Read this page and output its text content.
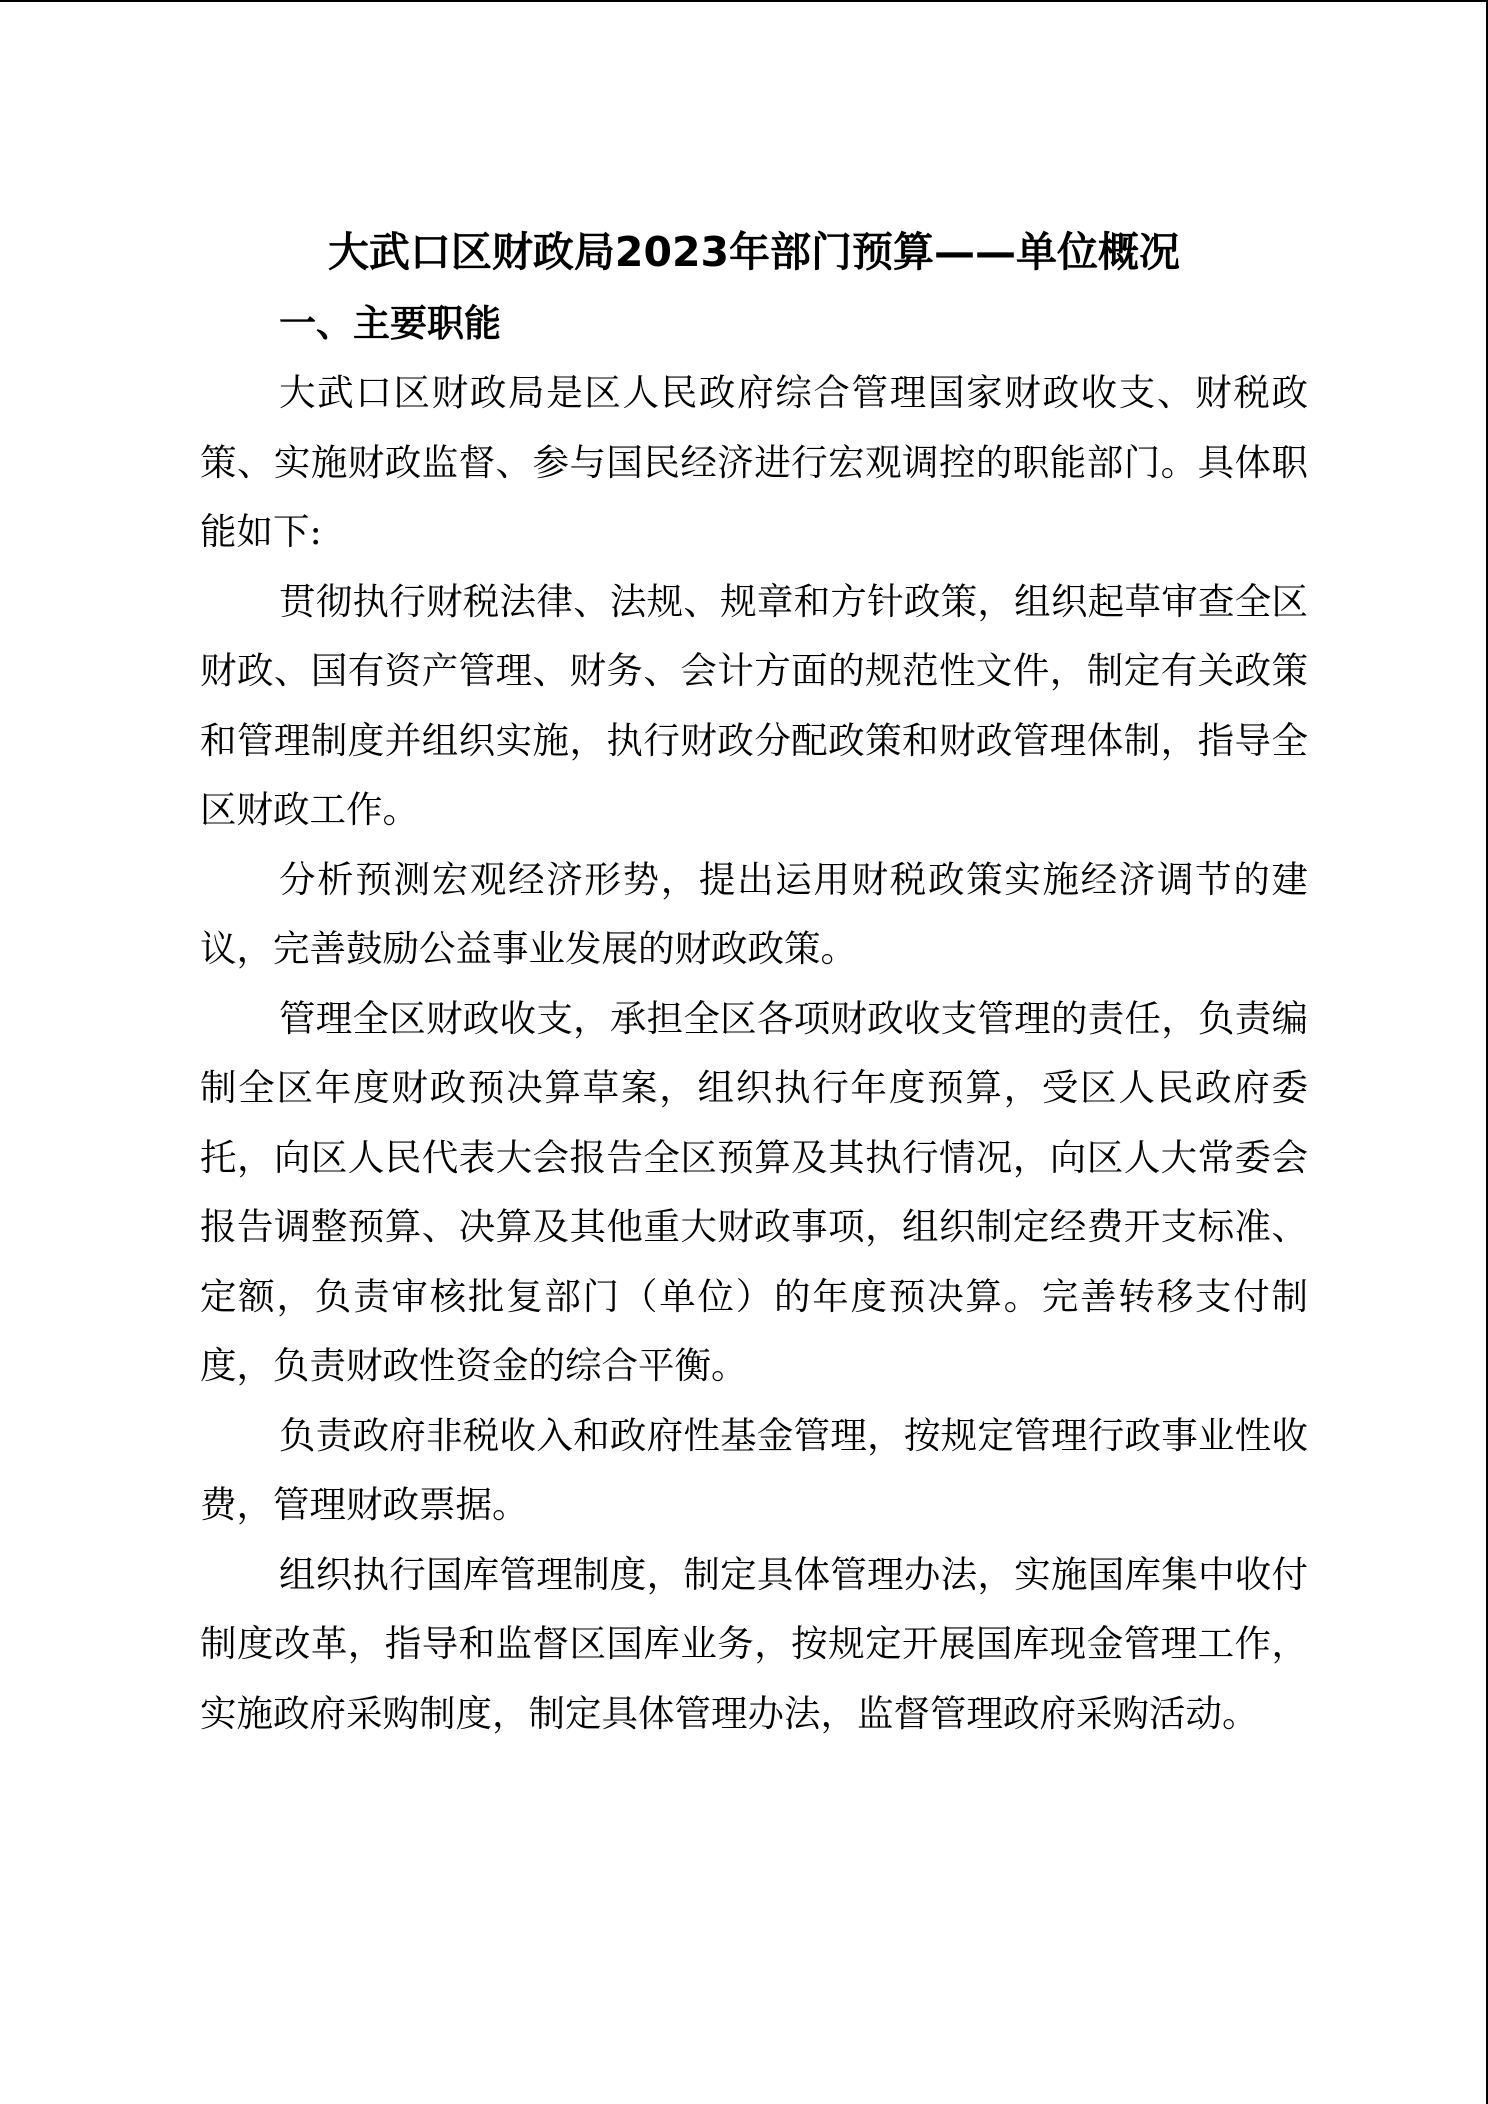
大武口区财政局2023年部门预算——单位概况
一、主要职能

大武口区财政局是区人民政府综合管理国家财政收支、财税政策、实施财政监督、参与国民经济进行宏观调控的职能部门。具体职能如下:

贯彻执行财税法律、法规、规章和方针政策，组织起草审查全区财政、国有资产管理、财务、会计方面的规范性文件，制定有关政策和管理制度并组织实施，执行财政分配政策和财政管理体制，指导全区财政工作。

分析预测宏观经济形势，提出运用财税政策实施经济调节的建议，完善鼓励公益事业发展的财政政策。

管理全区财政收支，承担全区各项财政收支管理的责任，负责编制全区年度财政预决算草案，组织执行年度预算，受区人民政府委托，向区人民代表大会报告全区预算及其执行情况，向区人大常委会报告调整预算、决算及其他重大财政事项，组织制定经费开支标准、定额，负责审核批复部门（单位）的年度预决算。完善转移支付制度，负责财政性资金的综合平衡。

负责政府非税收入和政府性基金管理，按规定管理行政事业性收费，管理财政票据。

组织执行国库管理制度，制定具体管理办法，实施国库集中收付制度改革，指导和监督区国库业务，按规定开展国库现金管理工作，实施政府采购制度，制定具体管理办法，监督管理政府采购活动。
